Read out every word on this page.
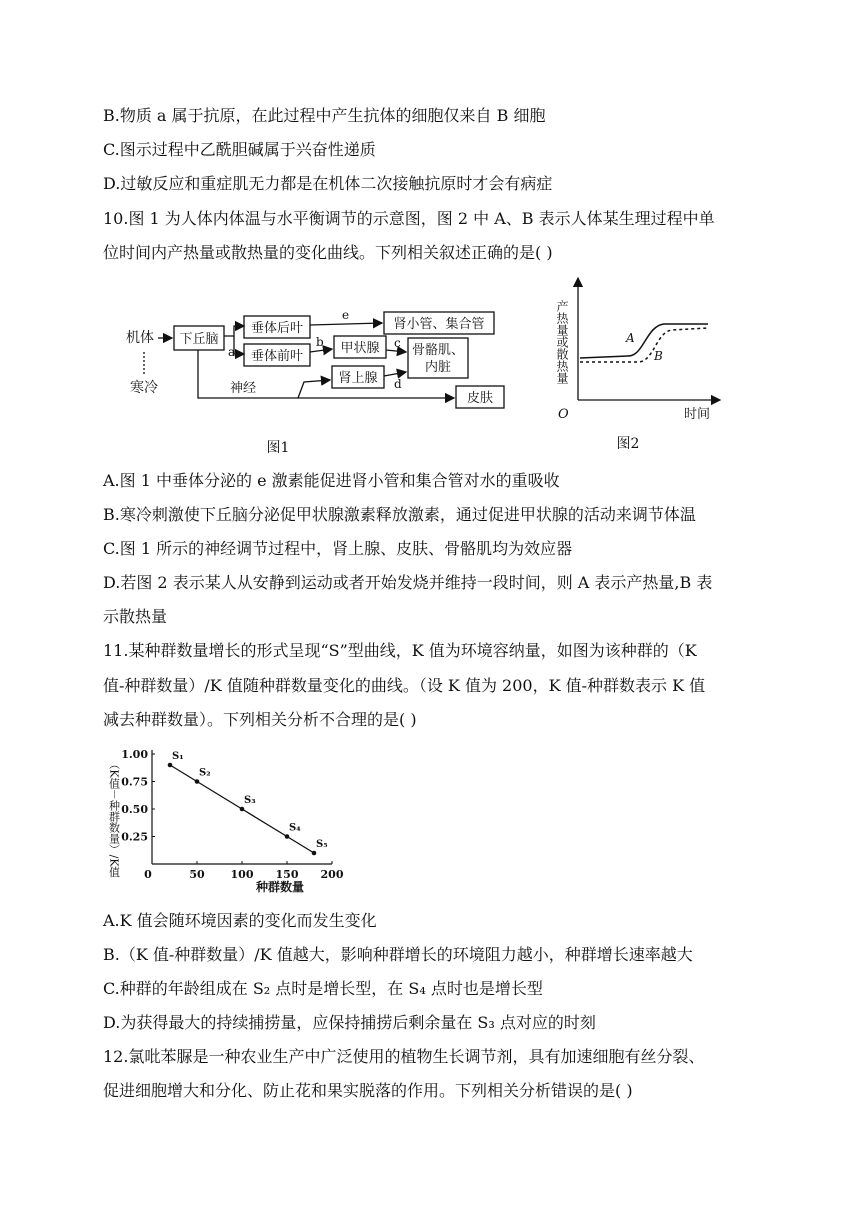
B.物质 a 属于抗原，在此过程中产生抗体的细胞仅来自 B 细胞
C.图示过程中乙酰胆碱属于兴奋性递质
D.过敏反应和重症肌无力都是在机体二次接触抗原时才会有病症
10.图 1 为人体内体温与水平衡调节的示意图，图 2 中 A、B 表示人体某生理过程中单
位时间内产热量或散热量的变化曲线。下列相关叙述正确的是( )
机体
寒冷
下丘脑
垂体后叶
垂体前叶
a
肾小管、集合管
e
甲状腺
b
骨骼肌、
内脏
c
肾上腺 d
皮肤
神经
图1
O	时间
产热量或散热量	A
B
图2
A.图 1 中垂体分泌的 e 激素能促进肾小管和集合管对水的重吸收
B.寒冷刺激使下丘脑分泌促甲状腺激素释放激素，通过促进甲状腺的活动来调节体温
C.图 1 所示的神经调节过程中，肾上腺、皮肤、骨骼肌均为效应器
D.若图 2 表示某人从安静到运动或者开始发烧并维持一段时间，则 A 表示产热量,B 表
示散热量
11.某种群数量增长的形式呈现“S”型曲线，K 值为环境容纳量，如图为该种群的（K
值-种群数量）/K 值随种群数量变化的曲线。（设 K 值为 200，K 值-种群数表示 K 值
减去种群数量）。下列相关分析不合理的是( )
0	50 100 150 200
0.25
0.50
0.75
1.00 S₁
S₂
S₃
S₄
S₅
（K值－种群数量）/K值
种群数量
A.K 值会随环境因素的变化而发生变化
B.（K 值-种群数量）/K 值越大，影响种群增长的环境阻力越小，种群增长速率越大
C.种群的年龄组成在 S₂ 点时是增长型，在 S₄ 点时也是增长型
D.为获得最大的持续捕捞量，应保持捕捞后剩余量在 S₃ 点对应的时刻
12.氯吡苯脲是一种农业生产中广泛使用的植物生长调节剂，具有加速细胞有丝分裂、
促进细胞增大和分化、防止花和果实脱落的作用。下列相关分析错误的是( )
